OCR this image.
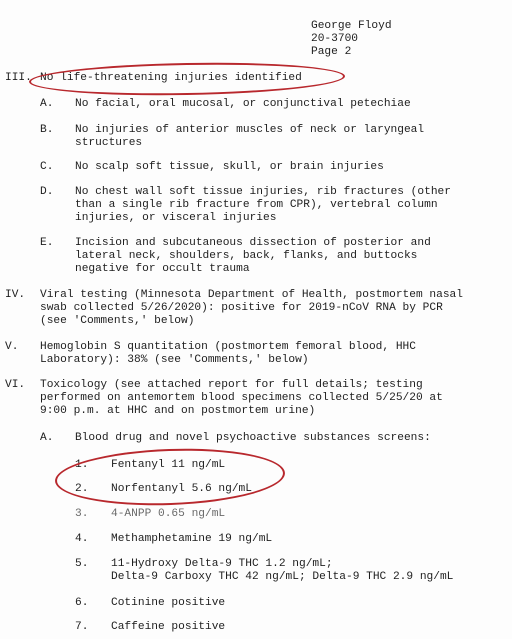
George Floyd
20-3700
Page 2
III. No life-threatening injuries identified
A. No facial, oral mucosal, or conjunctival petechiae
B. No injuries of anterior muscles of neck or laryngeal
structures
C. No scalp soft tissue, skull, or brain injuries
D. No chest wall soft tissue injuries, rib fractures (other
than a single rib fracture from CPR), vertebral column
injuries, or visceral injuries
E. Incision and subcutaneous dissection of posterior and
lateral neck, shoulders, back, flanks, and buttocks
negative for occult trauma
IV. Viral testing (Minnesota Department of Health, postmortem nasal
swab collected 5/26/2020): positive for 2019-nCoV RNA by PCR
(see 'Comments,' below)
V. Hemoglobin S quantitation (postmortem femoral blood, HHC
Laboratory): 38% (see 'Comments,' below)
VI. Toxicology (see attached report for full details; testing
performed on antemortem blood specimens collected 5/25/20 at
9:00 p.m. at HHC and on postmortem urine)
A. Blood drug and novel psychoactive substances screens:
1. Fentanyl 11 ng/mL
2. Norfentanyl 5.6 ng/mL
3. 4-ANPP 0.65 ng/mL
4. Methamphetamine 19 ng/mL
5. 11-Hydroxy Delta-9 THC 1.2 ng/mL;
Delta-9 Carboxy THC 42 ng/mL; Delta-9 THC 2.9 ng/mL
6. Cotinine positive
7. Caffeine positive
